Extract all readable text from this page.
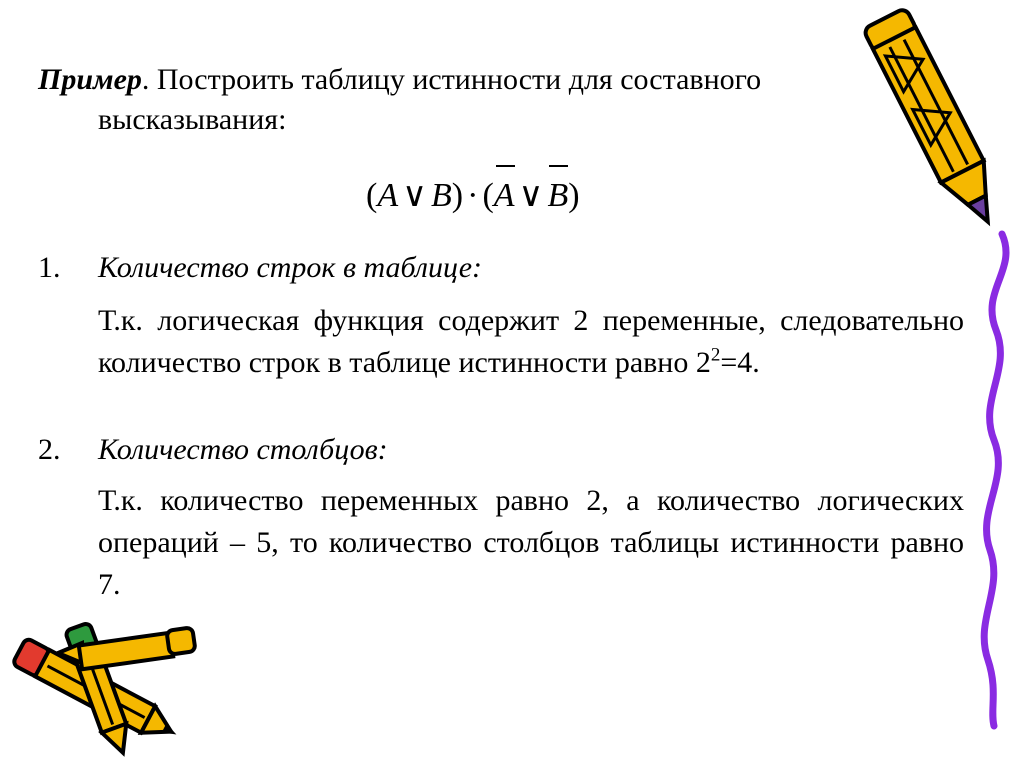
Пример. Построить таблицу истинности для составного
высказывания:
(A ∨ B) · (A ∨ B)
1. Количество строк в таблице:
Т.к. логическая функция содержит 2 переменные, следовательно количество строк в таблице истинности равно $2^2=4$.
2. Количество столбцов:
Т.к. количество переменных равно 2, а количество логических операций – 5, то количество столбцов таблицы истинности равно 7.
